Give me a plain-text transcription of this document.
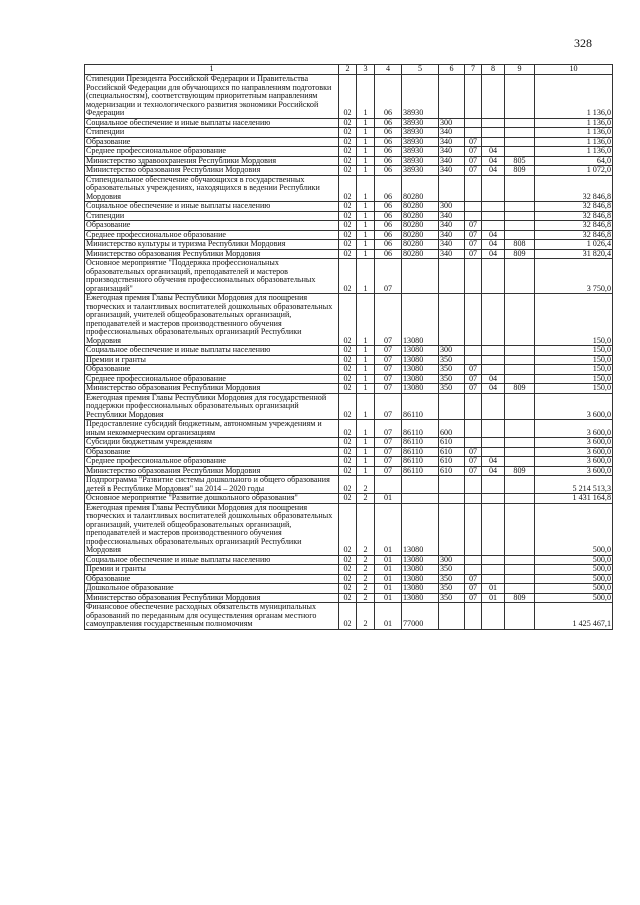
328
1	2	3	4	5	6	7	8	9	10
Стипендии Президента Российской Федерации и Правительства Российской Федерации для обучающихся по направлениям подготовки (специальностям), соответствующим приоритетным направлениям модернизации и технологического развития экономики Российской Федерации	02	1	06	38930					1 136,0
Социальное обеспечение и иные выплаты населению	02	1	06	38930	300				1 136,0
Стипендии	02	1	06	38930	340				1 136,0
Образование	02	1	06	38930	340	07			1 136,0
Среднее профессиональное образование	02	1	06	38930	340	07	04		1 136,0
Министерство здравоохранения Республики Мордовия	02	1	06	38930	340	07	04	805	64,0
Министерство образования Республики Мордовия	02	1	06	38930	340	07	04	809	1 072,0
Стипендиальное обеспечение обучающихся в государственных образовательных учреждениях, находящихся в ведении Республики Мордовия	02	1	06	80280					32 846,8
Социальное обеспечение и иные выплаты населению	02	1	06	80280	300				32 846,8
Стипендии	02	1	06	80280	340				32 846,8
Образование	02	1	06	80280	340	07			32 846,8
Среднее профессиональное образование	02	1	06	80280	340	07	04		32 846,8
Министерство культуры и туризма Республики Мордовия	02	1	06	80280	340	07	04	808	1 026,4
Министерство образования Республики Мордовия	02	1	06	80280	340	07	04	809	31 820,4
Основное мероприятие "Поддержка профессиональных образовательных организаций, преподавателей и мастеров производственного обучения профессиональных образовательных организаций"	02	1	07						3 750,0
Ежегодная премия Главы Республики Мордовия для поощрения творческих и талантливых воспитателей дошкольных образовательных организаций, учителей общеобразовательных организаций, преподавателей и мастеров производственного обучения профессиональных образовательных организаций Республики Мордовия	02	1	07	13080					150,0
Социальное обеспечение и иные выплаты населению	02	1	07	13080	300				150,0
Премии и гранты	02	1	07	13080	350				150,0
Образование	02	1	07	13080	350	07			150,0
Среднее профессиональное образование	02	1	07	13080	350	07	04		150,0
Министерство образования Республики Мордовия	02	1	07	13080	350	07	04	809	150,0
Ежегодная премия Главы Республики Мордовия для государственной поддержки профессиональных образовательных организаций Республики Мордовия	02	1	07	86110					3 600,0
Предоставление субсидий бюджетным, автономным учреждениям и иным некоммерческим организациям	02	1	07	86110	600				3 600,0
Субсидии бюджетным учреждениям	02	1	07	86110	610				3 600,0
Образование	02	1	07	86110	610	07			3 600,0
Среднее профессиональное образование	02	1	07	86110	610	07	04		3 600,0
Министерство образования Республики Мордовия	02	1	07	86110	610	07	04	809	3 600,0
Подпрограмма "Развитие системы дошкольного и общего образования детей в Республике Мордовия" на 2014 – 2020 годы	02	2							5 214 513,3
Основное мероприятие "Развитие дошкольного образования"	02	2	01						1 431 164,8
Ежегодная премия Главы Республики Мордовия для поощрения творческих и талантливых воспитателей дошкольных образовательных организаций, учителей общеобразовательных организаций, преподавателей и мастеров производственного обучения профессиональных образовательных организаций Республики Мордовия	02	2	01	13080					500,0
Социальное обеспечение и иные выплаты населению	02	2	01	13080	300				500,0
Премии и гранты	02	2	01	13080	350				500,0
Образование	02	2	01	13080	350	07			500,0
Дошкольное образование	02	2	01	13080	350	07	01		500,0
Министерство образования Республики Мордовия	02	2	01	13080	350	07	01	809	500,0
Финансовое обеспечение расходных обязательств муниципальных образований по переданным для осуществления органам местного самоуправления государственным полномочиям	02	2	01	77000					1 425 467,1
